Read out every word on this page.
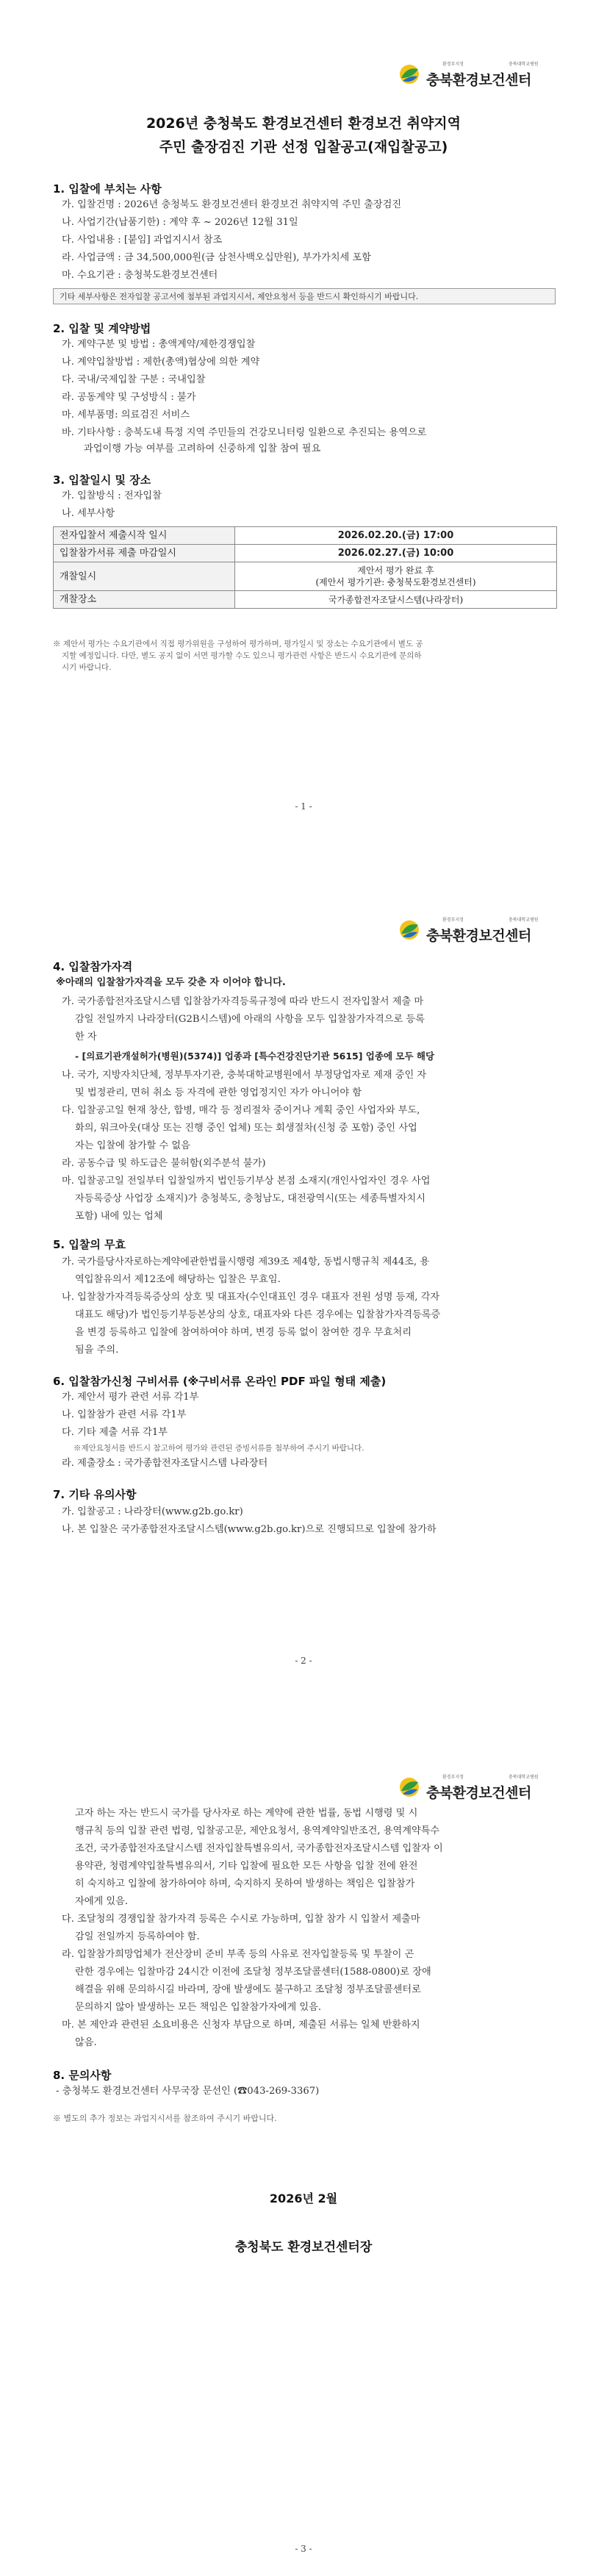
환경부지정	충북대학교병원
충북환경보건센터
2026년 충청북도 환경보건센터 환경보건 취약지역
주민 출장검진 기관 선정 입찰공고(재입찰공고)
1. 입찰에 부치는 사항
가. 입찰건명 : 2026년 충청북도 환경보건센터 환경보건 취약지역 주민 출장검진
나. 사업기간(납품기한) : 계약 후 ~ 2026년 12월 31일
다. 사업내용 : [붙임] 과업지시서 참조
라. 사업금액 : 금 34,500,000원(금 삼천사백오십만원), 부가가치세 포함
마. 수요기관 : 충청북도환경보건센터
기타 세부사항은 전자입찰 공고서에 첨부된 과업지시서, 제안요청서 등을 반드시 확인하시기 바랍니다.
2. 입찰 및 계약방법
가. 계약구분 및 방법 : 총액계약/제한경쟁입찰
나. 계약입찰방법 : 제한(총액)협상에 의한 계약
다. 국내/국제입찰 구분 : 국내입찰
라. 공동계약 및 구성방식 : 불가
마. 세부품명: 의료검진 서비스
바. 기타사항 : 충북도내 특정 지역 주민들의 건강모니터링 일환으로 추진되는 용역으로
과업이행 가능 여부를 고려하여 신중하게 입찰 참여 필요
3. 입찰일시 및 장소
가. 입찰방식 : 전자입찰
나. 세부사항
전자입찰서 제출시작 일시	2026.02.20.(금) 17:00
입찰참가서류 제출 마감일시	2026.02.27.(금) 10:00
개찰일시	제안서 평가 완료 후
(제안서 평가기관: 충청북도환경보건센터)

개찰장소	국가종합전자조달시스템(나라장터)
※ 제안서 평가는 수요기관에서 직접 평가위원을 구성하여 평가하며, 평가일시 및 장소는 수요기관에서 별도 공
지할 예정입니다. 다만, 별도 공지 없이 서면 평가할 수도 있으니 평가관련 사항은 반드시 수요기관에 문의하
시기 바랍니다.
- 1 -
환경부지정	충북대학교병원
충북환경보건센터
4. 입찰참가자격
※아래의 입찰참가자격을 모두 갖춘 자 이어야 합니다.
가. 국가종합전자조달시스템 입찰참가자격등록규정에 따라 반드시 전자입찰서 제출 마
감일 전일까지 나라장터(G2B시스템)에 아래의 사항을 모두 입찰참가자격으로 등록
한 자
- [의료기관개설허가(병원)(5374)] 업종과 [특수건강진단기관 5615] 업종에 모두 해당
나. 국가, 지방자치단체, 정부투자기관, 충북대학교병원에서 부정당업자로 제재 중인 자
및 법정관리, 면허 취소 등 자격에 관한 영업정지인 자가 아니어야 함
다. 입찰공고일 현재 창산, 합병, 매각 등 정리절차 중이거나 계획 중인 사업자와 부도,
화의, 워크아웃(대상 또는 진행 중인 업체) 또는 회생절차(신청 중 포함) 중인 사업
자는 입찰에 참가할 수 없음
라. 공동수급 및 하도급은 불허함(외주분석 불가)
마. 입찰공고일 전일부터 입찰일까지 법인등기부상 본점 소재지(개인사업자인 경우 사업
자등록증상 사업장 소재지)가 충청북도, 충청남도, 대전광역시(또는 세종특별자치시
포함) 내에 있는 업체
5. 입찰의 무효
가. 국가를당사자로하는계약에관한법률시행령 제39조 제4항, 동법시행규칙 제44조, 용
역입찰유의서 제12조에 해당하는 입찰은 무효임.
나. 입찰참가자격등록증상의 상호 및 대표자(수인대표인 경우 대표자 전원 성명 등재, 각자
대표도 해당)가 법인등기부등본상의 상호, 대표자와 다른 경우에는 입찰참가자격등록증
을 변경 등록하고 입찰에 참여하여야 하며, 변경 등록 없이 참여한 경우 무효처리
됨을 주의.
6. 입찰참가신청 구비서류 (※구비서류 온라인 PDF 파일 형태 제출)
가. 제안서 평가 관련 서류 각1부
나. 입찰참가 관련 서류 각1부
다. 기타 제출 서류 각1부
※제안요청서를 반드시 참고하여 평가와 관련된 증빙서류를 첨부하여 주시기 바랍니다.
라. 제출장소 : 국가종합전자조달시스템 나라장터
7. 기타 유의사항
가. 입찰공고 : 나라장터(www.g2b.go.kr)
나. 본 입찰은 국가종합전자조달시스템(www.g2b.go.kr)으로 진행되므로 입찰에 참가하
- 2 -
환경부지정	충북대학교병원
충북환경보건센터
고자 하는 자는 반드시 국가를 당사자로 하는 계약에 관한 법률, 동법 시행령 및 시
행규칙 등의 입찰 관련 법령, 입찰공고문, 제안요청서, 용역계약일반조건, 용역계약특수
조건, 국가종합전자조달시스템 전자입찰특별유의서, 국가종합전자조달시스템 입찰자 이
용약관, 청렴계약입찰특별유의서, 기타 입찰에 필요한 모든 사항을 입찰 전에 완전
히 숙지하고 입찰에 참가하여야 하며, 숙지하지 못하여 발생하는 책임은 입찰참가
자에게 있음.
다. 조달청의 경쟁입찰 참가자격 등록은 수시로 가능하며, 입찰 참가 시 입찰서 제출마
감일 전일까지 등록하여야 함.
라. 입찰참가희망업체가 전산장비 준비 부족 등의 사유로 전자입찰등록 및 투찰이 곤
란한 경우에는 입찰마감 24시간 이전에 조달청 정부조달콜센터(1588-0800)로 장애
해결을 위해 문의하시길 바라며, 장애 발생에도 불구하고 조달청 정부조달콜센터로
문의하지 않아 발생하는 모든 책임은 입찰참가자에게 있음.
마. 본 제안과 관련된 소요비용은 신청자 부담으로 하며, 제출된 서류는 일체 반환하지
않음.
8. 문의사항
- 충청북도 환경보건센터 사무국장 문선인 (☎043-269-3367)
※ 별도의 추가 정보는 과업지시서를 참조하여 주시기 바랍니다.
2026년 2월
충청북도 환경보건센터장
- 3 -
